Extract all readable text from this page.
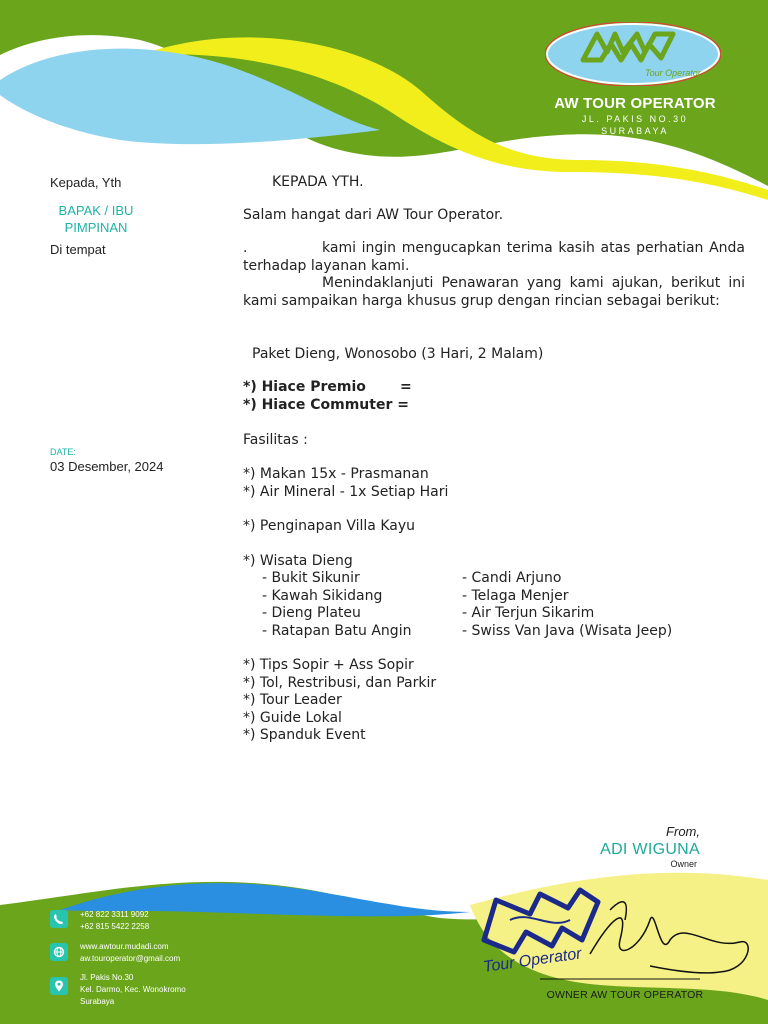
Tour Operator
AW TOUR OPERATOR
JL. PAKIS NO.30
SURABAYA
Kepada, Yth
BAPAK / IBU
PIMPINAN
Di tempat
DATE:
03 Desember, 2024
KEPADA YTH.
Salam hangat dari AW Tour Operator.
.	kami ingin mengucapkan terima kasih atas perhatian Anda terhadap layanan kami.
Menindaklanjuti Penawaran yang kami ajukan, berikut ini kami sampaikan harga khusus grup dengan rincian sebagai berikut:
Paket Dieng, Wonosobo (3 Hari, 2 Malam)
*) Hiace Premio =
*) Hiace Commuter =
Fasilitas :
*) Makan 15x - Prasmanan
*) Air Mineral - 1x Setiap Hari
*) Penginapan Villa Kayu
*) Wisata Dieng
- Bukit Sikunir
- Kawah Sikidang
- Dieng Plateu
- Ratapan Batu Angin
- Candi Arjuno
- Telaga Menjer
- Air Terjun Sikarim
- Swiss Van Java (Wisata Jeep)
*) Tips Sopir + Ass Sopir
*) Tol, Restribusi, dan Parkir
*) Tour Leader
*) Guide Lokal
*) Spanduk Event
From,
ADI WIGUNA
Owner
Tour Operator
OWNER AW TOUR OPERATOR
+62 822 3311 9092
+62 815 5422 2258
www.awtour.mudadi.com
aw.touroperator@gmail.com
Jl. Pakis No.30
Kel. Darmo, Kec. Wonokromo
Surabaya
